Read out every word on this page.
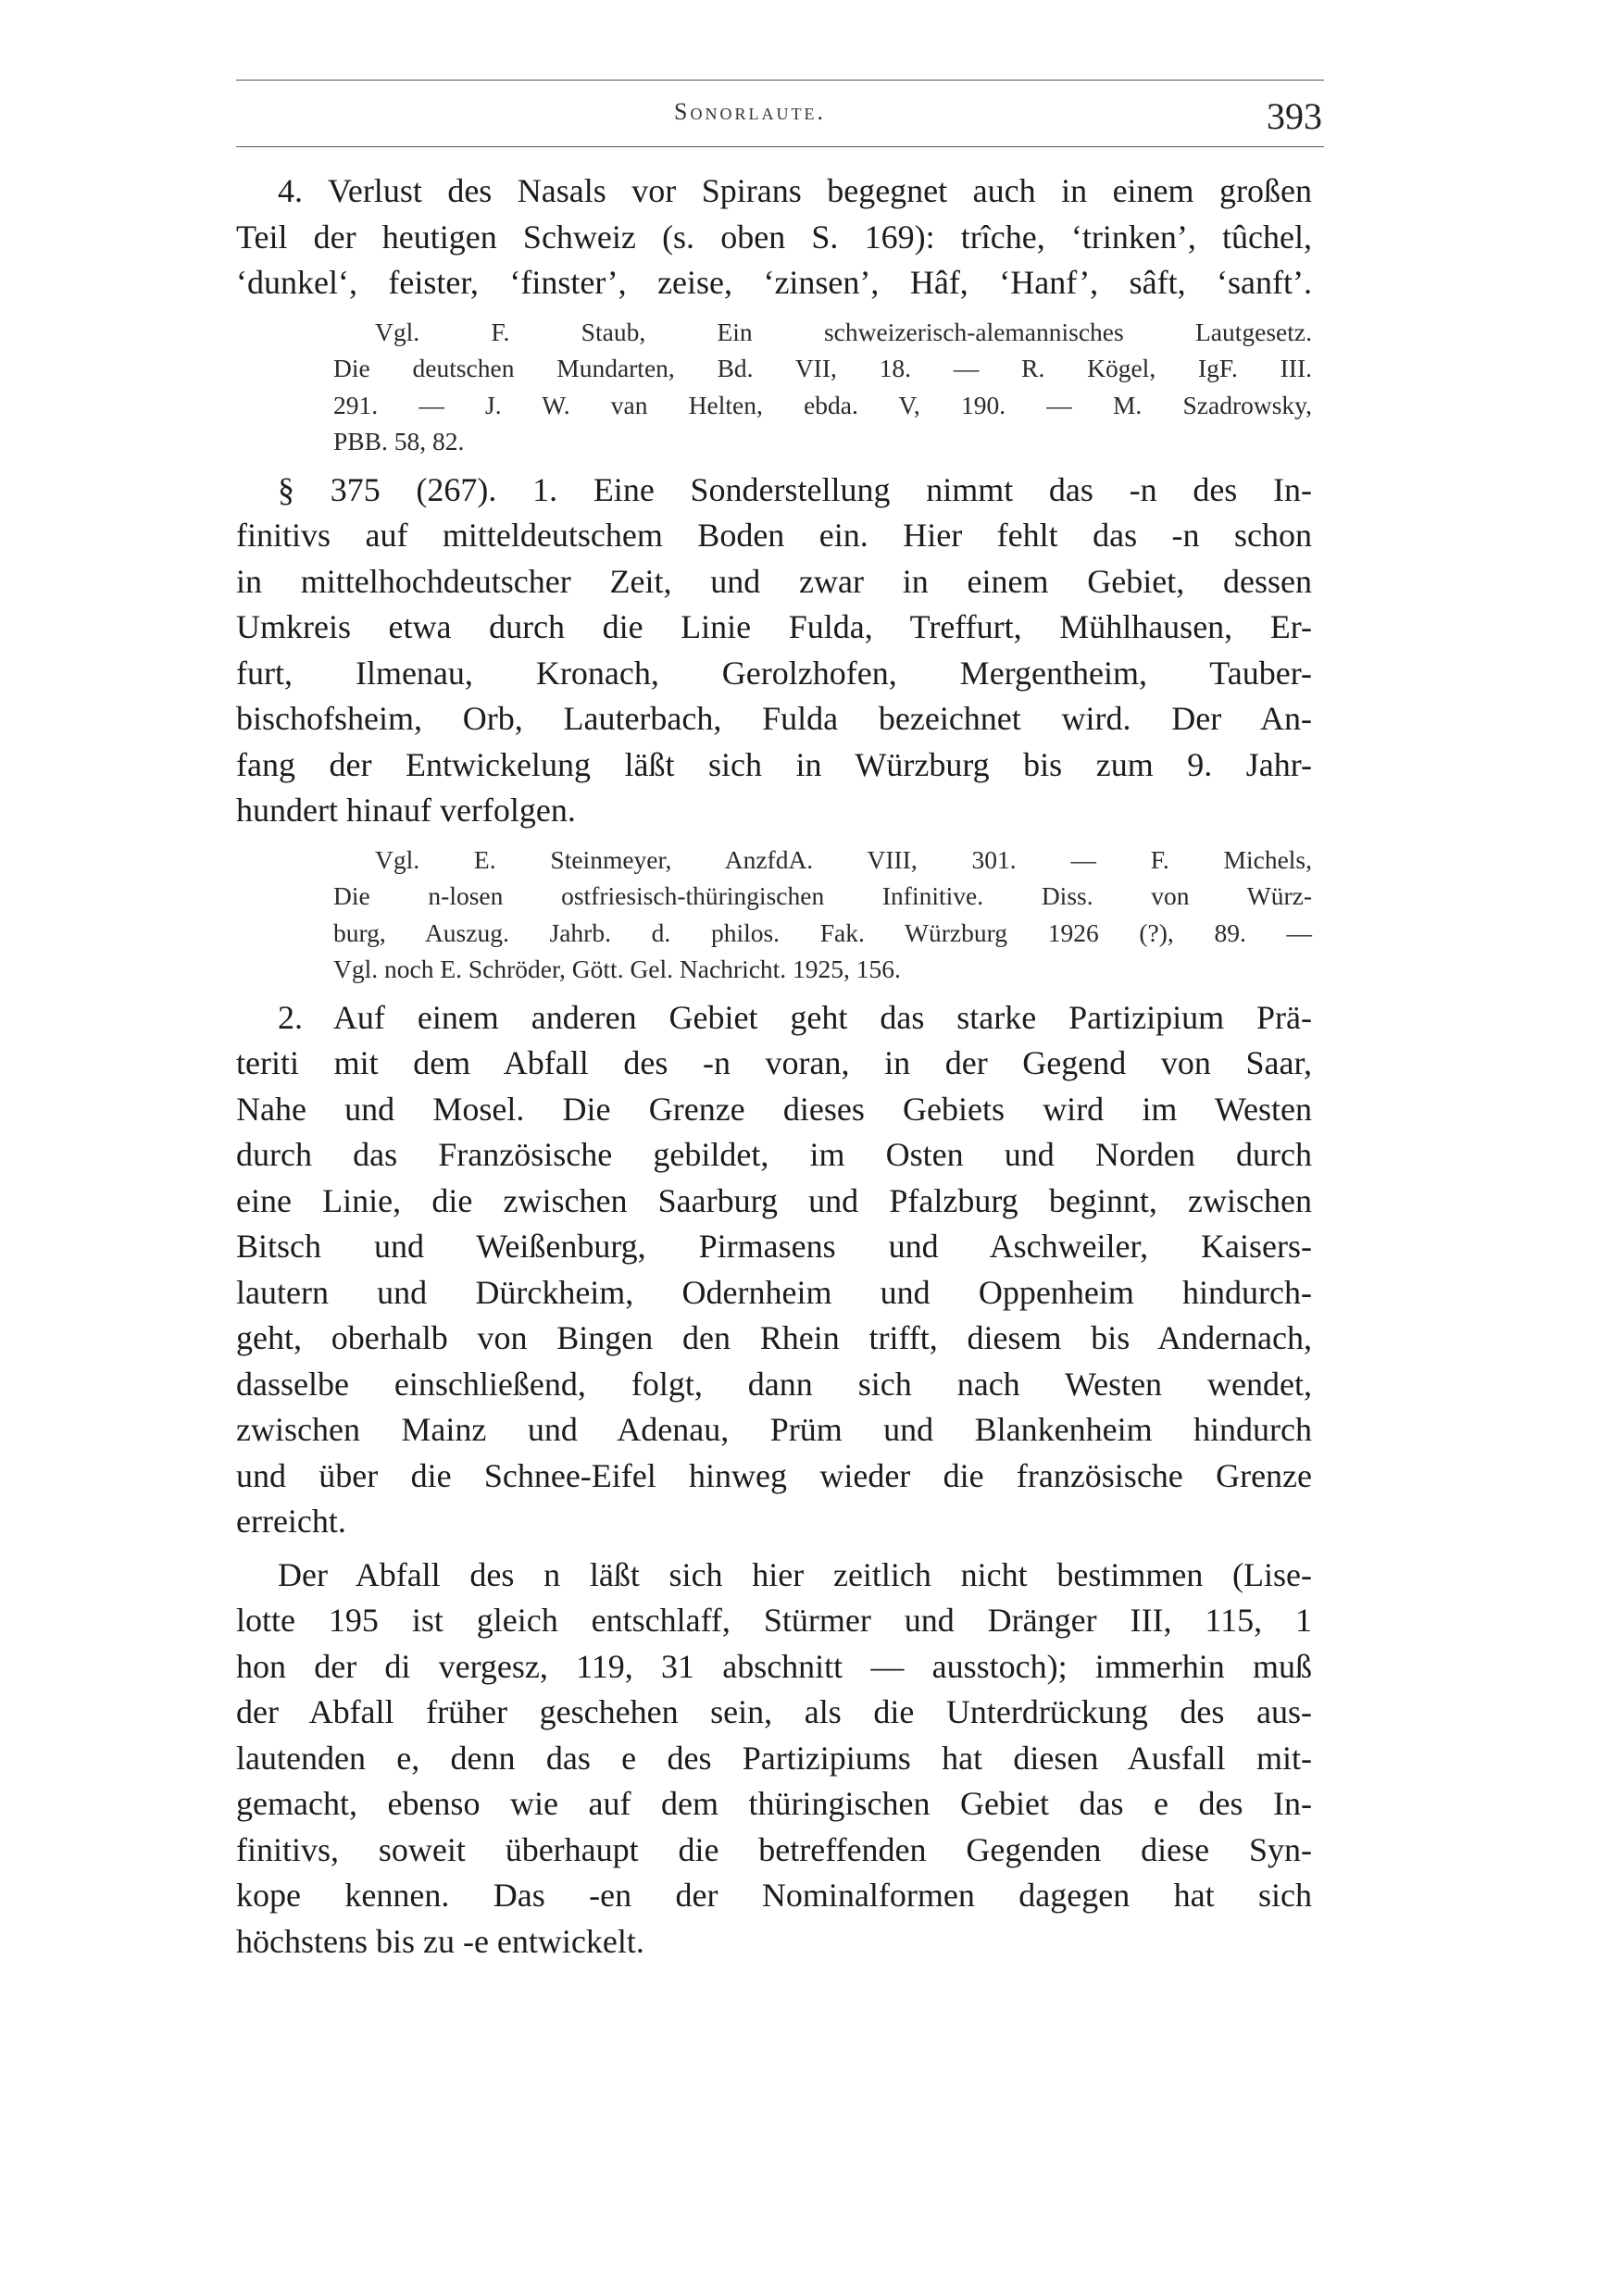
Sonorlaute.	393
4. Verlust des Nasals vor Spirans begegnet auch in einem großen
Teil der heutigen Schweiz (s. oben S. 169): trîche, ‘trinken’, tûchel,
‘dunkel‘, feister, ‘finster’, zeise, ‘zinsen’, Hâf, ‘Hanf’, sâft, ‘sanft’.
Vgl. F. Staub, Ein schweizerisch-alemannisches Lautgesetz.
Die deutschen Mundarten, Bd. VII, 18. — R. Kögel, IgF. III.
291. — J. W. van Helten, ebda. V, 190. — M. Szadrowsky,
PBB. 58, 82.
§ 375 (267). 1. Eine Sonderstellung nimmt das -n des In-
finitivs auf mitteldeutschem Boden ein. Hier fehlt das -n schon
in mittelhochdeutscher Zeit, und zwar in einem Gebiet, dessen
Umkreis etwa durch die Linie Fulda, Treffurt, Mühlhausen, Er-
furt, Ilmenau, Kronach, Gerolzhofen, Mergentheim, Tauber-
bischofsheim, Orb, Lauterbach, Fulda bezeichnet wird. Der An-
fang der Entwickelung läßt sich in Würzburg bis zum 9. Jahr-
hundert hinauf verfolgen.
Vgl. E. Steinmeyer, AnzfdA. VIII, 301. — F. Michels,
Die n-losen ostfriesisch-thüringischen Infinitive. Diss. von Würz-
burg, Auszug. Jahrb. d. philos. Fak. Würzburg 1926 (?), 89. —
Vgl. noch E. Schröder, Gött. Gel. Nachricht. 1925, 156.
2. Auf einem anderen Gebiet geht das starke Partizipium Prä-
teriti mit dem Abfall des -n voran, in der Gegend von Saar,
Nahe und Mosel. Die Grenze dieses Gebiets wird im Westen
durch das Französische gebildet, im Osten und Norden durch
eine Linie, die zwischen Saarburg und Pfalzburg beginnt, zwischen
Bitsch und Weißenburg, Pirmasens und Aschweiler, Kaisers-
lautern und Dürckheim, Odernheim und Oppenheim hindurch-
geht, oberhalb von Bingen den Rhein trifft, diesem bis Andernach,
dasselbe einschließend, folgt, dann sich nach Westen wendet,
zwischen Mainz und Adenau, Prüm und Blankenheim hindurch
und über die Schnee-Eifel hinweg wieder die französische Grenze
erreicht.
Der Abfall des n läßt sich hier zeitlich nicht bestimmen (Lise-
lotte 195 ist gleich entschlaff, Stürmer und Dränger III, 115, 1
hon der di vergesz, 119, 31 abschnitt — ausstoch); immerhin muß
der Abfall früher geschehen sein, als die Unterdrückung des aus-
lautenden e, denn das e des Partizipiums hat diesen Ausfall mit-
gemacht, ebenso wie auf dem thüringischen Gebiet das e des In-
finitivs, soweit überhaupt die betreffenden Gegenden diese Syn-
kope kennen. Das -en der Nominalformen dagegen hat sich
höchstens bis zu -e entwickelt.
